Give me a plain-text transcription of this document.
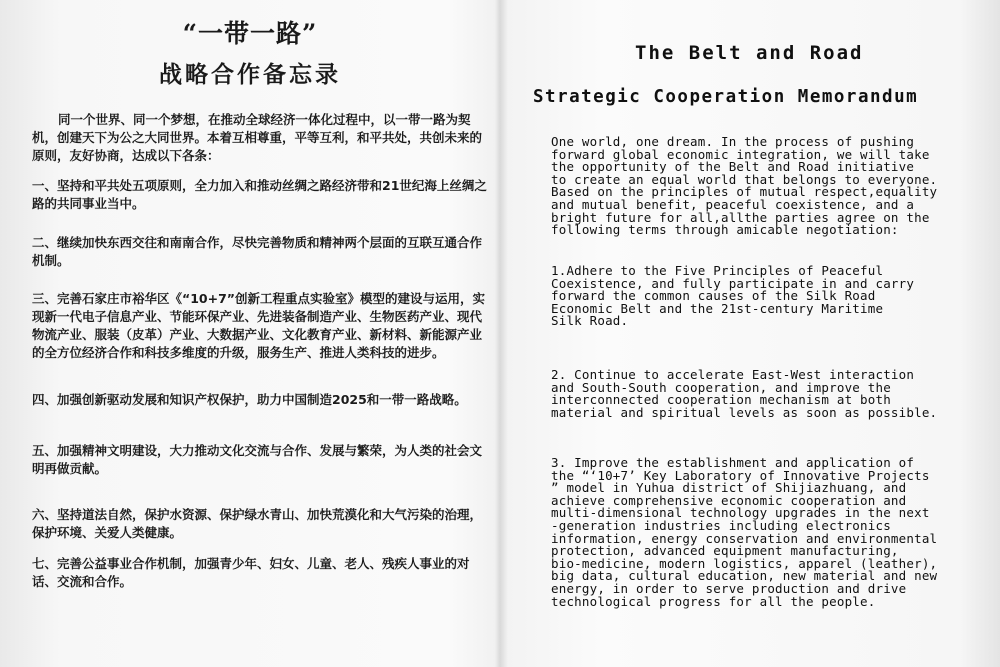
“一带一路”
战略合作备忘录

同一个世界、同一个梦想，在推动全球经济一体化过程中，以一带一路为契机，创建天下为公之大同世界。本着互相尊重，平等互利，和平共处，共创未来的原则，友好协商，达成以下各条：

一、坚持和平共处五项原则，全力加入和推动丝绸之路经济带和21世纪海上丝绸之路的共同事业当中。

二、继续加快东西交往和南南合作，尽快完善物质和精神两个层面的互联互通合作机制。

三、完善石家庄市裕华区《“10+7”创新工程重点实验室》模型的建设与运用，实现新一代电子信息产业、节能环保产业、先进装备制造产业、生物医药产业、现代物流产业、服装（皮革）产业、大数据产业、文化教育产业、新材料、新能源产业的全方位经济合作和科技多维度的升级，服务生产、推进人类科技的进步。

四、加强创新驱动发展和知识产权保护，助力中国制造2025和一带一路战略。

五、加强精神文明建设，大力推动文化交流与合作、发展与繁荣，为人类的社会文明再做贡献。

六、坚持道法自然，保护水资源、保护绿水青山、加快荒漠化和大气污染的治理，保护环境、关爱人类健康。

七、完善公益事业合作机制，加强青少年、妇女、儿童、老人、残疾人事业的对话、交流和合作。

The Belt and Road
Strategic Cooperation Memorandum

One world, one dream. In the process of pushing
forward global economic integration, we will take
the opportunity of the Belt and Road initiative
to create an equal world that belongs to everyone.
Based on the principles of mutual respect,equality
and mutual benefit, peaceful coexistence, and a
bright future for all,allthe parties agree on the
following terms through amicable negotiation:

1.Adhere to the Five Principles of Peaceful
Coexistence, and fully participate in and carry
forward the common causes of the Silk Road
Economic Belt and the 21st-century Maritime
Silk Road.

2. Continue to accelerate East-West interaction
and South-South cooperation, and improve the
interconnected cooperation mechanism at both
material and spiritual levels as soon as possible.

3. Improve the establishment and application of
the “‘10+7’ Key Laboratory of Innovative Projects
” model in Yuhua district of Shijiazhuang, and
achieve comprehensive economic cooperation and
multi-dimensional technology upgrades in the next
-generation industries including electronics
information, energy conservation and environmental
protection, advanced equipment manufacturing,
bio-medicine, modern logistics, apparel (leather),
big data, cultural education, new material and new
energy, in order to serve production and drive
technological progress for all the people.
